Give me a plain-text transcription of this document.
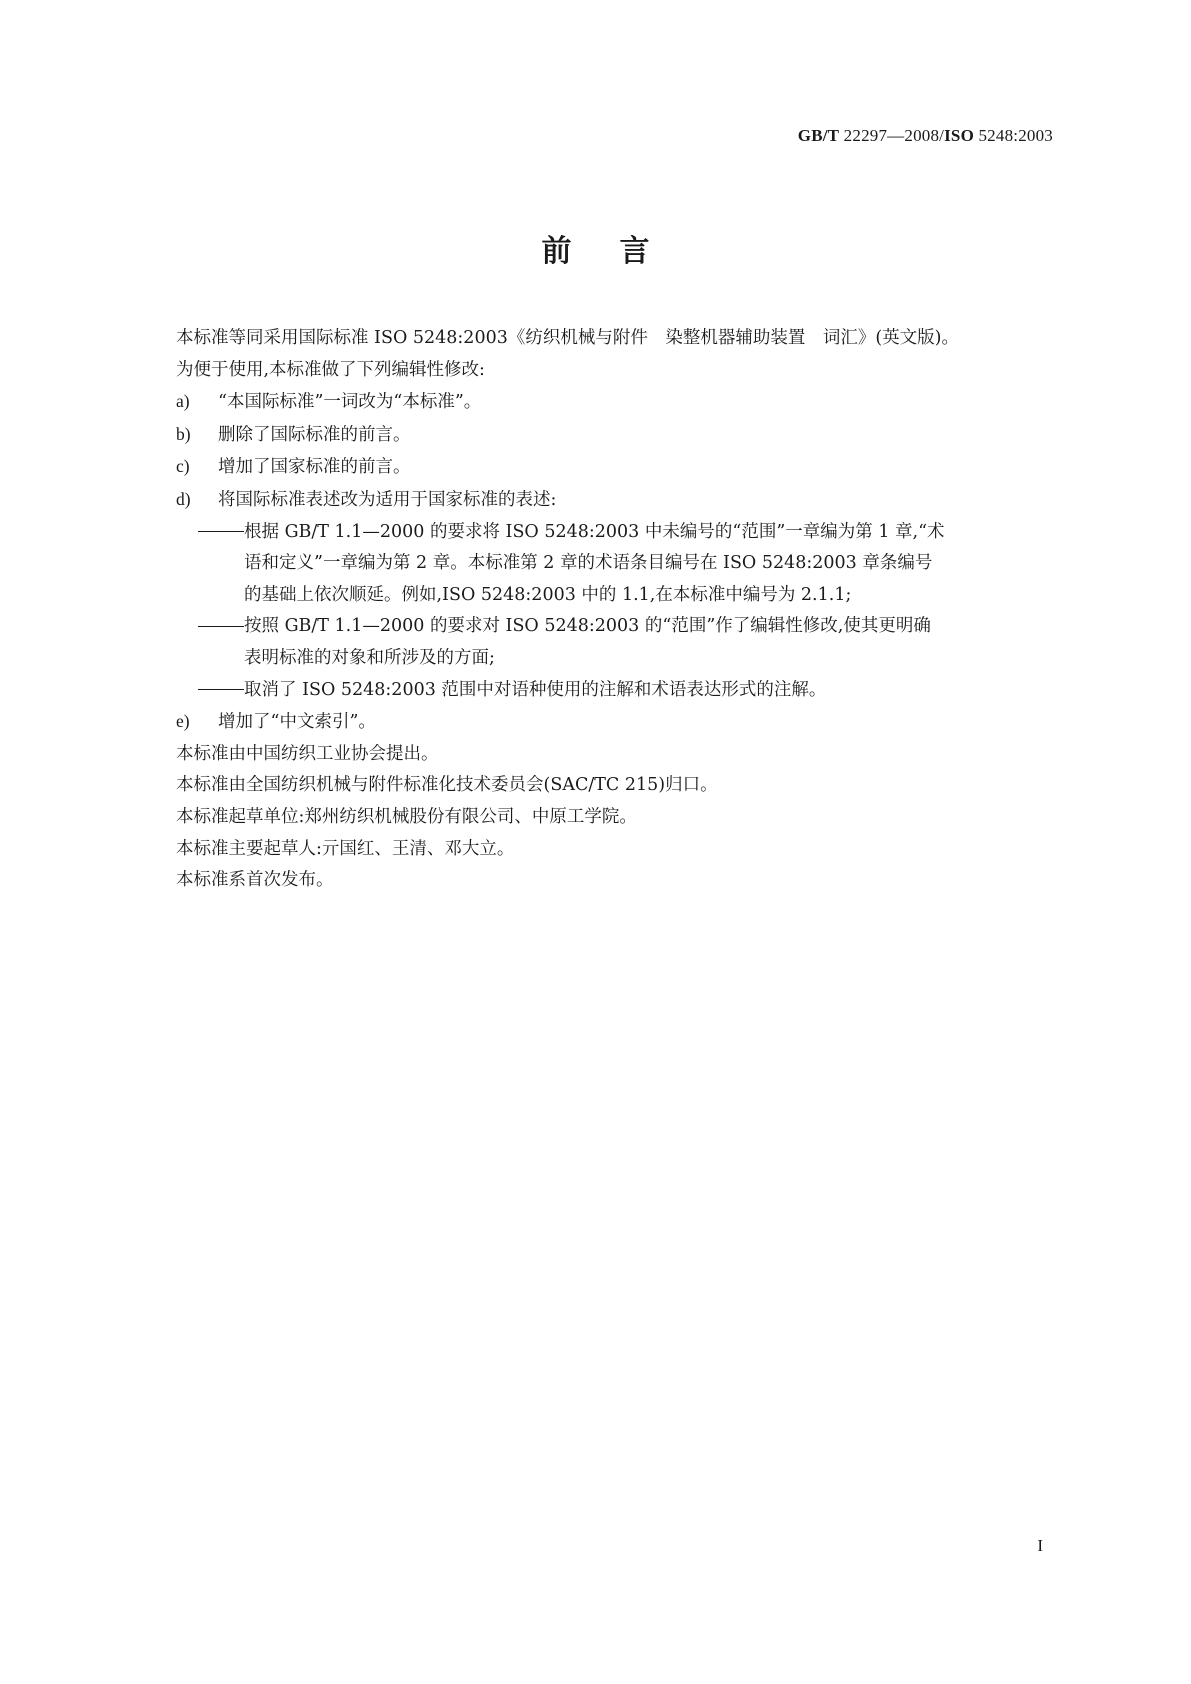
GB/T 22297—2008/ISO 5248:2003
前言

本标准等同采用国际标准 ISO 5248:2003《纺织机械与附件　染整机器辅助装置　词汇》(英文版)。

为便于使用,本标准做了下列编辑性修改:

a) “本国际标准”一词改为“本标准”。

b) 删除了国际标准的前言。

c) 增加了国家标准的前言。

d) 将国际标准表述改为适用于国家标准的表述:

根据 GB/T 1.1—2000 的要求将 ISO 5248:2003 中未编号的“范围”一章编为第 1 章,“术

语和定义”一章编为第 2 章。本标准第 2 章的术语条目编号在 ISO 5248:2003 章条编号

的基础上依次顺延。例如,ISO 5248:2003 中的 1.1,在本标准中编号为 2.1.1;

按照 GB/T 1.1—2000 的要求对 ISO 5248:2003 的“范围”作了编辑性修改,使其更明确

表明标准的对象和所涉及的方面;

取消了 ISO 5248:2003 范围中对语种使用的注解和术语表达形式的注解。

e) 增加了“中文索引”。

本标准由中国纺织工业协会提出。

本标准由全国纺织机械与附件标准化技术委员会(SAC/TC 215)归口。

本标准起草单位:郑州纺织机械股份有限公司、中原工学院。

本标准主要起草人:亓国红、王清、邓大立。

本标准系首次发布。

I
